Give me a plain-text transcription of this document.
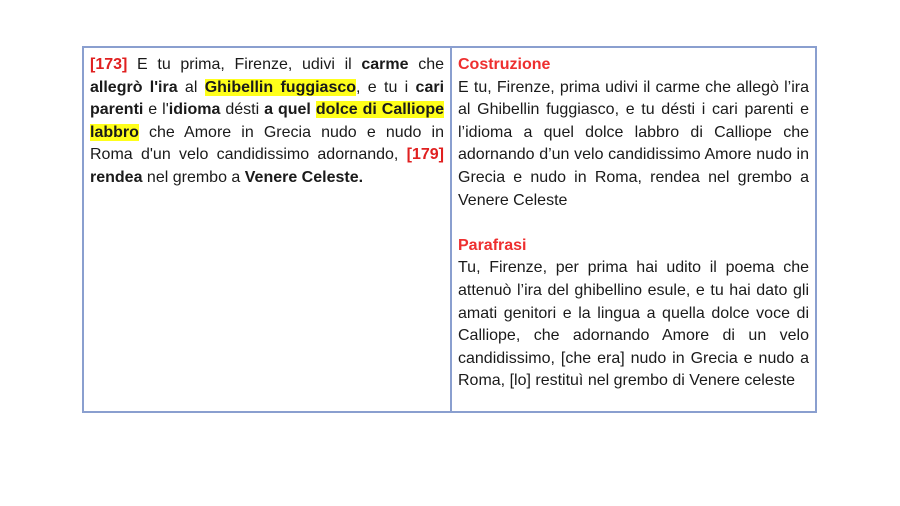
[173] E tu prima, Firenze, udivi il carme che allegrò l'ira al Ghibellin fuggiasco, e tu i cari parenti e l'idioma désti a quel dolce di Calliope labbro che Amore in Grecia nudo e nudo in Roma d'un velo candidissimo adornando, [179] rendea nel grembo a Venere Celeste.
Costruzione
E tu, Firenze, prima udivi il carme che allegò l’ira al Ghibellin fuggiasco, e tu désti i cari parenti e l’idioma a quel dolce labbro di Calliope che adornando d’un velo candidissimo Amore nudo in Grecia e nudo in Roma, rendea nel grembo a Venere Celeste
Parafrasi
Tu, Firenze, per prima hai udito il poema che attenuò l’ira del ghibellino esule, e tu hai dato gli amati genitori e la lingua a quella dolce voce di Calliope, che adornando Amore di un velo candidissimo, [che era] nudo in Grecia e nudo a Roma, [lo] restituì nel grembo di Venere celeste
